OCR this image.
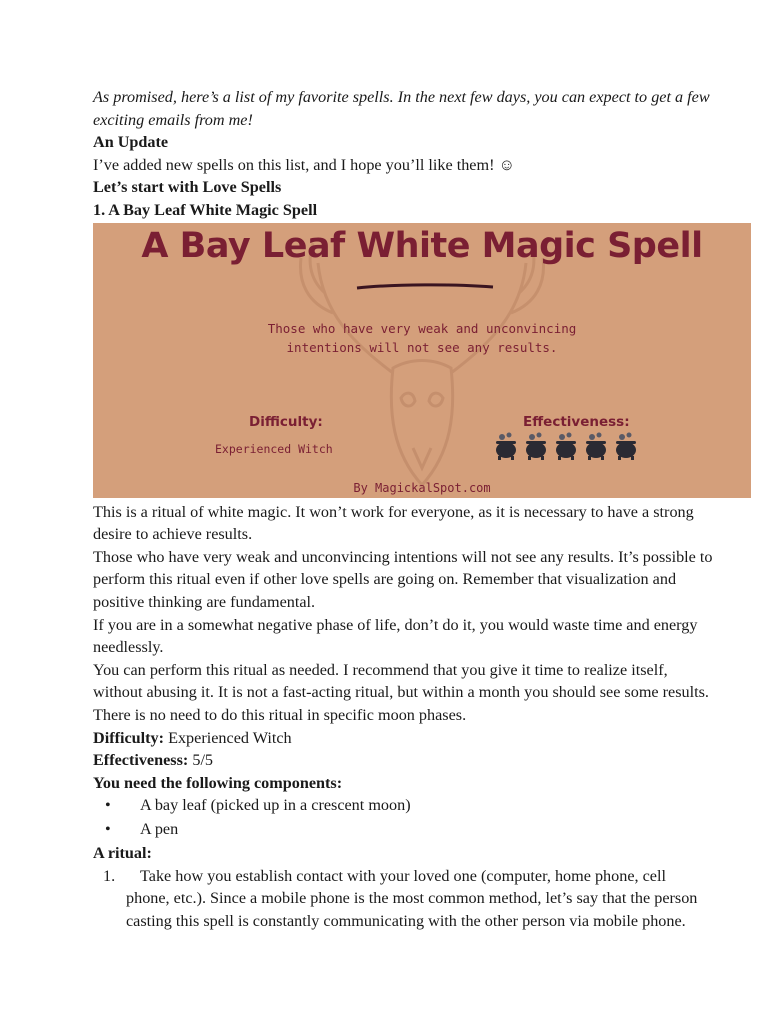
As promised, here’s a list of my favorite spells. In the next few days, you can expect to get a few exciting emails from me!

An Update

I’ve added new spells on this list, and I hope you’ll like them! ☺

Let’s start with Love Spells

1. A Bay Leaf White Magic Spell

A Bay Leaf White Magic Spell
Those who have very weak and unconvincing
intentions will not see any results.
Difficulty:
Experienced Witch
Effectiveness:
By MagickalSpot.com

This is a ritual of white magic. It won’t work for everyone, as it is necessary to have a strong desire to achieve results.

Those who have very weak and unconvincing intentions will not see any results. It’s possible to perform this ritual even if other love spells are going on. Remember that visualization and positive thinking are fundamental.

If you are in a somewhat negative phase of life, don’t do it, you would waste time and energy needlessly.

You can perform this ritual as needed. I recommend that you give it time to realize itself, without abusing it. It is not a fast-acting ritual, but within a month you should see some results.

There is no need to do this ritual in specific moon phases.

Difficulty: Experienced Witch

Effectiveness: 5/5

You need the following components:

• A bay leaf (picked up in a crescent moon)
• A pen

A ritual:

1.	Take how you establish contact with your loved one (computer, home phone, cell phone, etc.). Since a mobile phone is the most common method, let’s say that the person casting this spell is constantly communicating with the other person via mobile phone.
